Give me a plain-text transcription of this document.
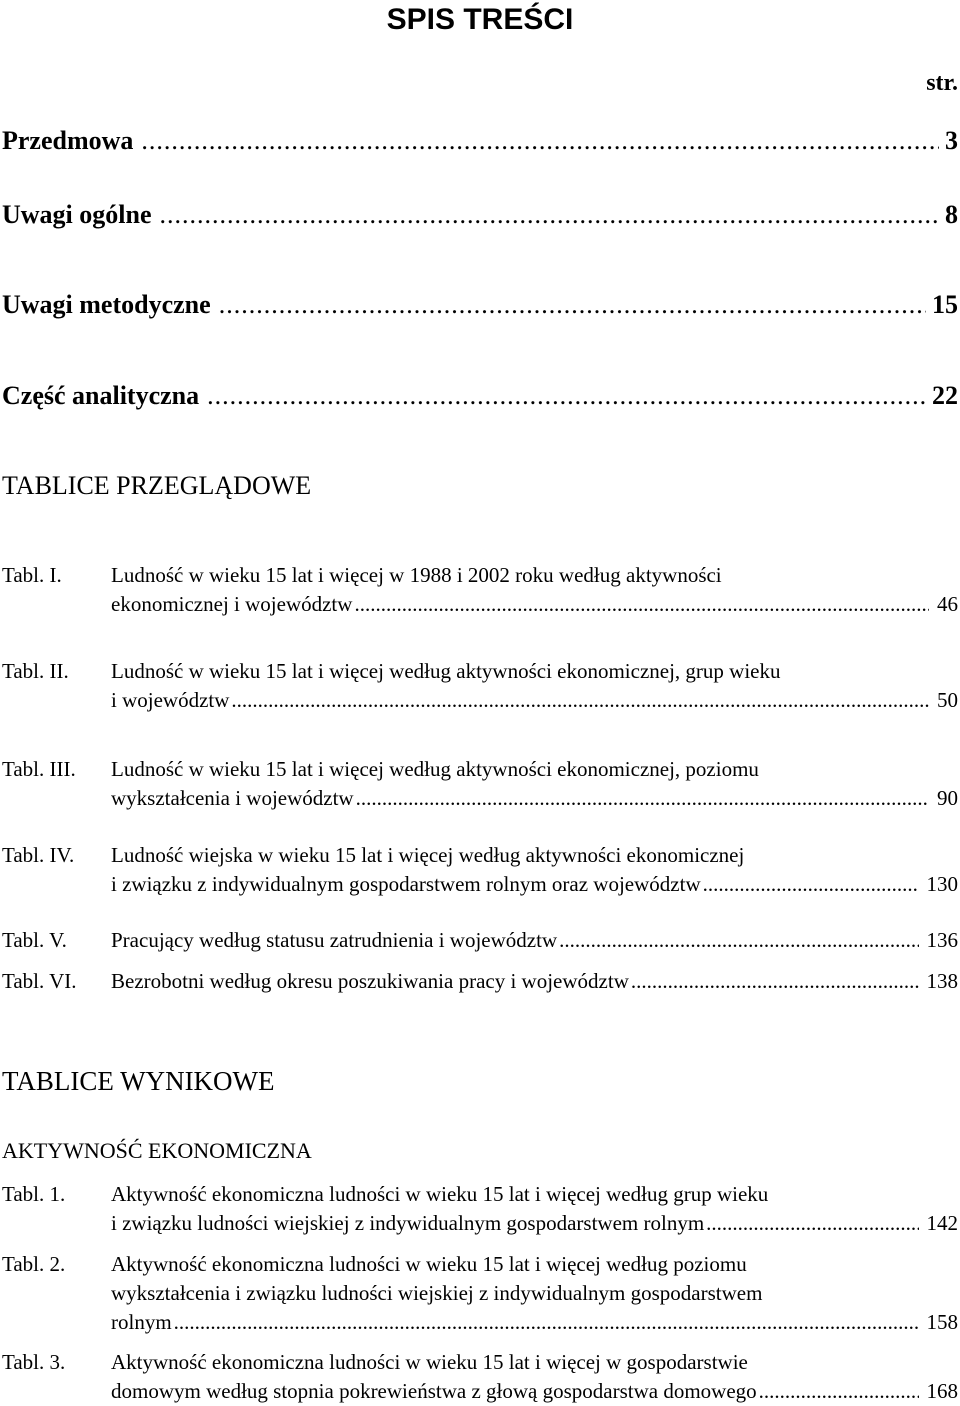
SPIS TREŚCI
str.
Przedmowa .....	3
Uwagi ogólne .....	8
Uwagi metodyczne .....	15
Część analityczna .....	22
TABLICE PRZEGLĄDOWE
Tabl. I. Ludność w wieku 15 lat i więcej w 1988 i 2002 roku według aktywności
ekonomicznej i województw .....	46
Tabl. II. Ludność w wieku 15 lat i więcej według aktywności ekonomicznej, grup wieku
i województw .....	50
Tabl. III. Ludność w wieku 15 lat i więcej według aktywności ekonomicznej, poziomu
wykształcenia i województw .....	90
Tabl. IV. Ludność wiejska w wieku 15 lat i więcej według aktywności ekonomicznej
i związku z indywidualnym gospodarstwem rolnym oraz województw .....	130
Tabl. V. Pracujący według statusu zatrudnienia i województw .....	136
Tabl. VI. Bezrobotni według okresu poszukiwania pracy i województw .....	138
TABLICE WYNIKOWE
AKTYWNOŚĆ EKONOMICZNA
Tabl. 1. Aktywność ekonomiczna ludności w wieku 15 lat i więcej według grup wieku
i związku ludności wiejskiej z indywidualnym gospodarstwem rolnym .....	142
Tabl. 2. Aktywność ekonomiczna ludności w wieku 15 lat i więcej według poziomu
wykształcenia i związku ludności wiejskiej z indywidualnym gospodarstwem
rolnym .....	158
Tabl. 3. Aktywność ekonomiczna ludności w wieku 15 lat i więcej w gospodarstwie
domowym według stopnia pokrewieństwa z głową gospodarstwa domowego .....	168
